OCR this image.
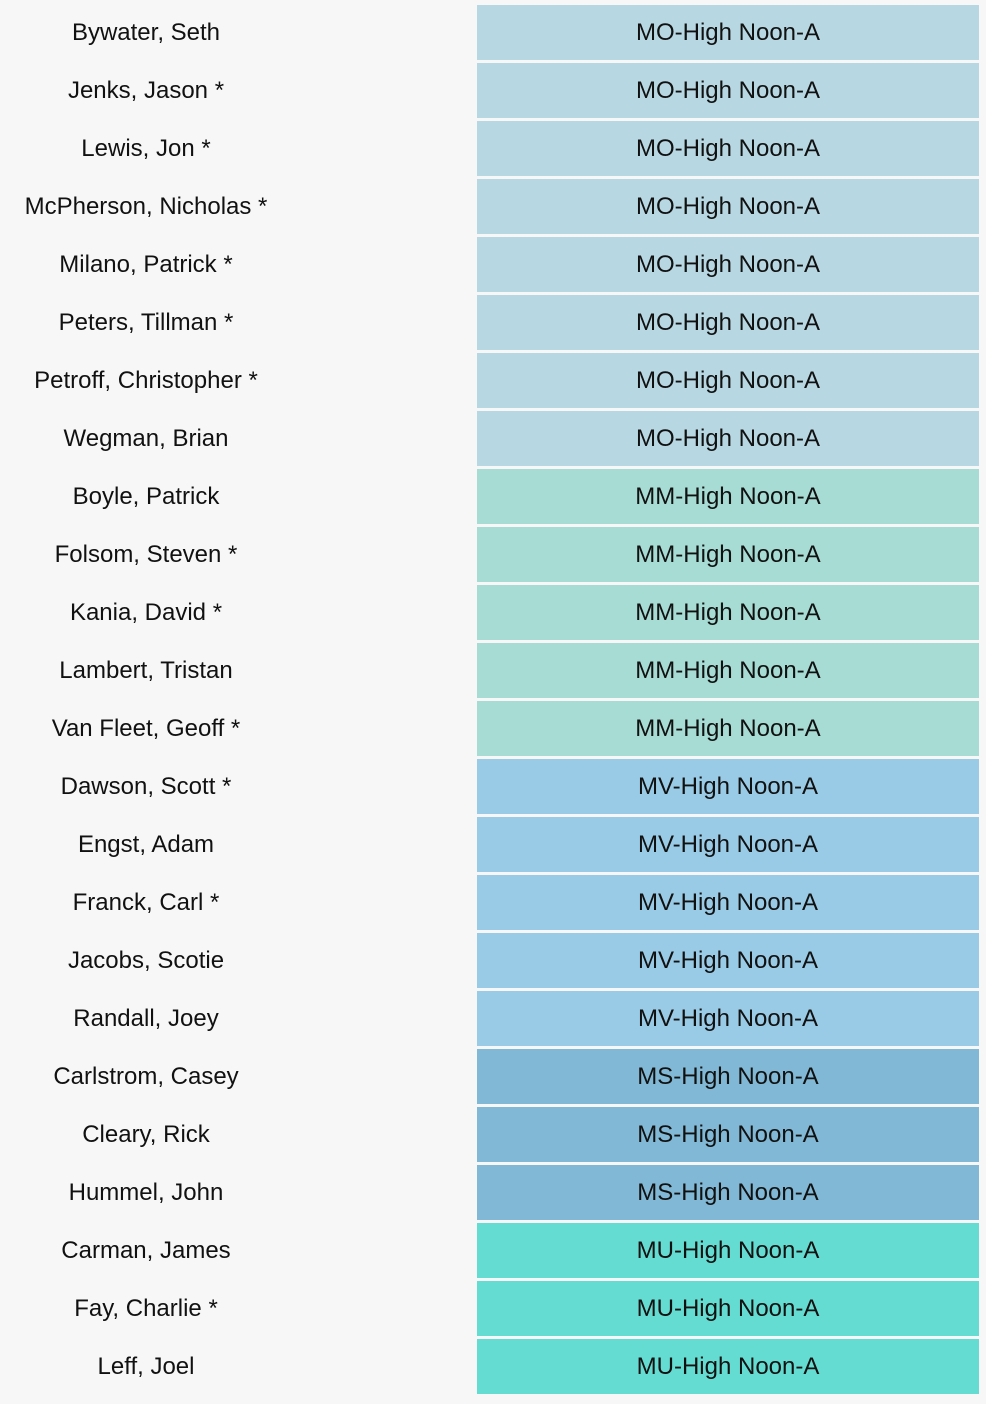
Bywater, Seth	MO-High Noon-A
Jenks, Jason *	MO-High Noon-A
Lewis, Jon *	MO-High Noon-A
McPherson, Nicholas *	MO-High Noon-A
Milano, Patrick *	MO-High Noon-A
Peters, Tillman *	MO-High Noon-A
Petroff, Christopher *	MO-High Noon-A
Wegman, Brian	MO-High Noon-A
Boyle, Patrick	MM-High Noon-A
Folsom, Steven *	MM-High Noon-A
Kania, David *	MM-High Noon-A
Lambert, Tristan	MM-High Noon-A
Van Fleet, Geoff *	MM-High Noon-A
Dawson, Scott *	MV-High Noon-A
Engst, Adam	MV-High Noon-A
Franck, Carl *	MV-High Noon-A
Jacobs, Scotie	MV-High Noon-A
Randall, Joey	MV-High Noon-A
Carlstrom, Casey	MS-High Noon-A
Cleary, Rick	MS-High Noon-A
Hummel, John	MS-High Noon-A
Carman, James	MU-High Noon-A
Fay, Charlie *	MU-High Noon-A
Leff, Joel	MU-High Noon-A
